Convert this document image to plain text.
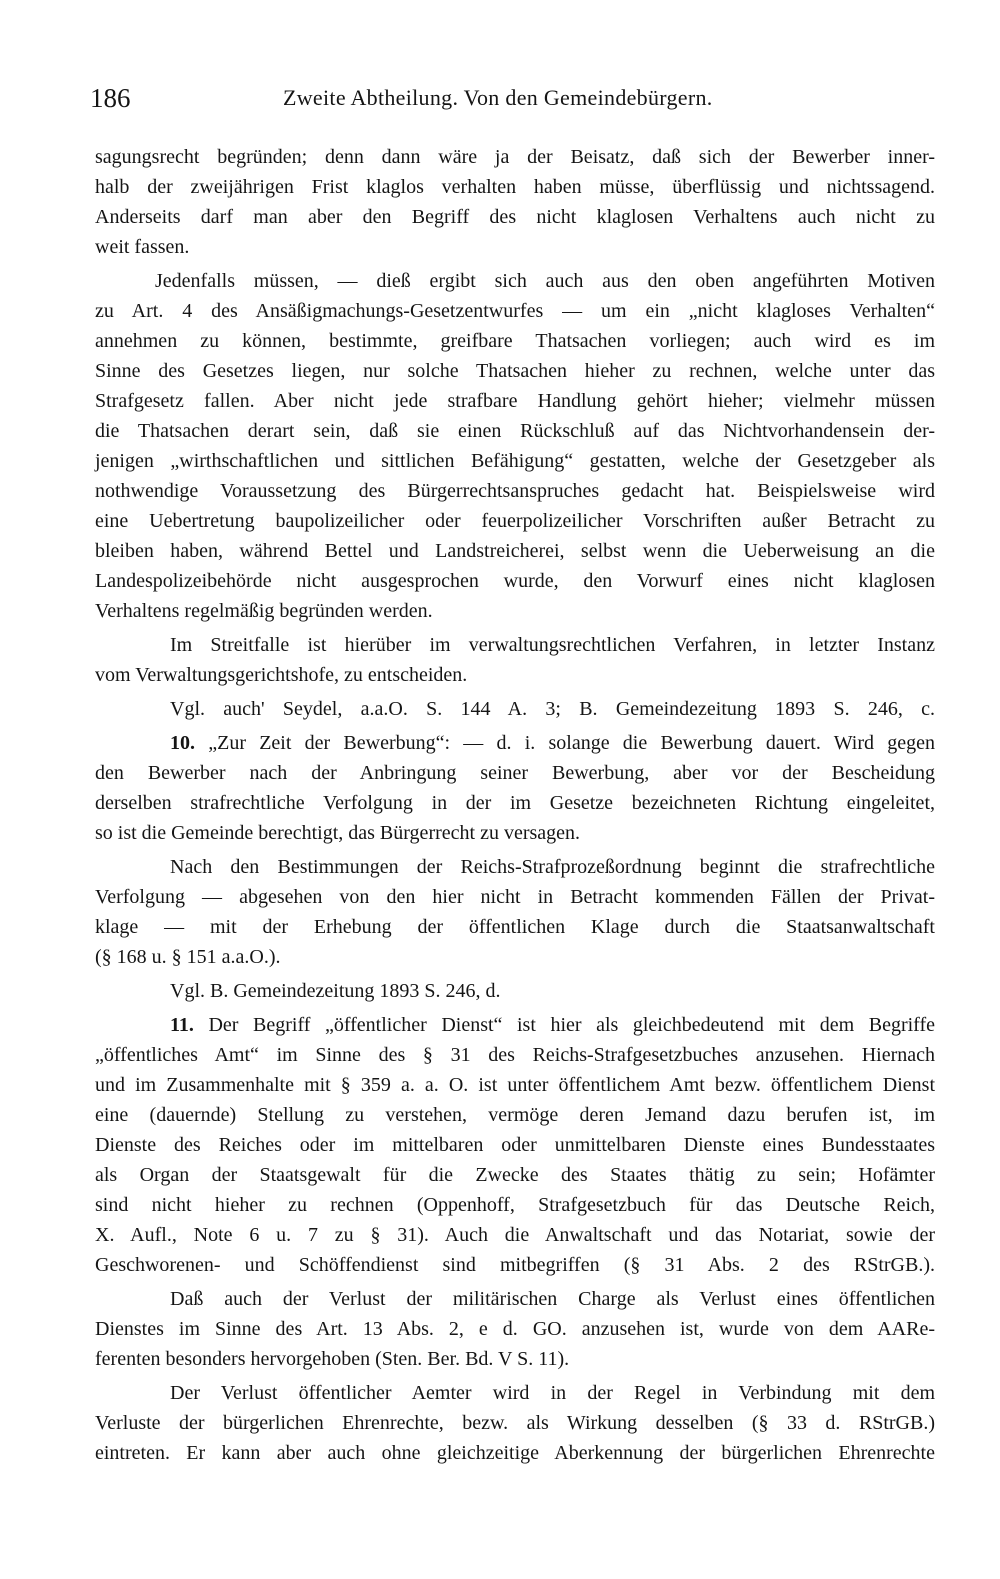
186	Zweite Abtheilung. Von den Gemeindebürgern.
sagungsrecht begründen; denn dann wäre ja der Beisatz, daß sich der Bewerber inner-
halb der zweijährigen Frist klaglos verhalten haben müsse, überflüssig und nichtssagend.
Anderseits darf man aber den Begriff des nicht klaglosen Verhaltens auch nicht zu
weit fassen.
Jedenfalls müssen, — dieß ergibt sich auch aus den oben angeführten Motiven
zu Art. 4 des Ansäßigmachungs-Gesetzentwurfes — um ein „nicht klagloses Verhalten“
annehmen zu können, bestimmte, greifbare Thatsachen vorliegen; auch wird es im
Sinne des Gesetzes liegen, nur solche Thatsachen hieher zu rechnen, welche unter das
Strafgesetz fallen. Aber nicht jede strafbare Handlung gehört hieher; vielmehr müssen
die Thatsachen derart sein, daß sie einen Rückschluß auf das Nichtvorhandensein der-
jenigen „wirthschaftlichen und sittlichen Befähigung“ gestatten, welche der Gesetzgeber als
nothwendige Voraussetzung des Bürgerrechtsanspruches gedacht hat. Beispielsweise wird
eine Uebertretung baupolizeilicher oder feuerpolizeilicher Vorschriften außer Betracht zu
bleiben haben, während Bettel und Landstreicherei, selbst wenn die Ueberweisung an die
Landespolizeibehörde nicht ausgesprochen wurde, den Vorwurf eines nicht klaglosen
Verhaltens regelmäßig begründen werden.
Im Streitfalle ist hierüber im verwaltungsrechtlichen Verfahren, in letzter Instanz
vom Verwaltungsgerichtshofe, zu entscheiden.
Vgl. auch' Seydel, a.a.O. S. 144 A. 3; B. Gemeindezeitung 1893 S. 246, c.
10. „Zur Zeit der Bewerbung“: — d. i. solange die Bewerbung dauert. Wird gegen
den Bewerber nach der Anbringung seiner Bewerbung, aber vor der Bescheidung
derselben strafrechtliche Verfolgung in der im Gesetze bezeichneten Richtung eingeleitet,
so ist die Gemeinde berechtigt, das Bürgerrecht zu versagen.
Nach den Bestimmungen der Reichs-Strafprozeßordnung beginnt die strafrechtliche
Verfolgung — abgesehen von den hier nicht in Betracht kommenden Fällen der Privat-
klage — mit der Erhebung der öffentlichen Klage durch die Staatsanwaltschaft
(§ 168 u. § 151 a.a.O.).
Vgl. B. Gemeindezeitung 1893 S. 246, d.
11. Der Begriff „öffentlicher Dienst“ ist hier als gleichbedeutend mit dem Begriffe
„öffentliches Amt“ im Sinne des § 31 des Reichs-Strafgesetzbuches anzusehen. Hiernach
und im Zusammenhalte mit § 359 a. a. O. ist unter öffentlichem Amt bezw. öffentlichem Dienst
eine (dauernde) Stellung zu verstehen, vermöge deren Jemand dazu berufen ist, im
Dienste des Reiches oder im mittelbaren oder unmittelbaren Dienste eines Bundesstaates
als Organ der Staatsgewalt für die Zwecke des Staates thätig zu sein; Hofämter
sind nicht hieher zu rechnen (Oppenhoff, Strafgesetzbuch für das Deutsche Reich,
X. Aufl., Note 6 u. 7 zu § 31). Auch die Anwaltschaft und das Notariat, sowie der
Geschworenen- und Schöffendienst sind mitbegriffen (§ 31 Abs. 2 des RStrGB.).
Daß auch der Verlust der militärischen Charge als Verlust eines öffentlichen
Dienstes im Sinne des Art. 13 Abs. 2, e d. GO. anzusehen ist, wurde von dem AARe-
ferenten besonders hervorgehoben (Sten. Ber. Bd. V S. 11).
Der Verlust öffentlicher Aemter wird in der Regel in Verbindung mit dem
Verluste der bürgerlichen Ehrenrechte, bezw. als Wirkung desselben (§ 33 d. RStrGB.)
eintreten. Er kann aber auch ohne gleichzeitige Aberkennung der bürgerlichen Ehrenrechte
